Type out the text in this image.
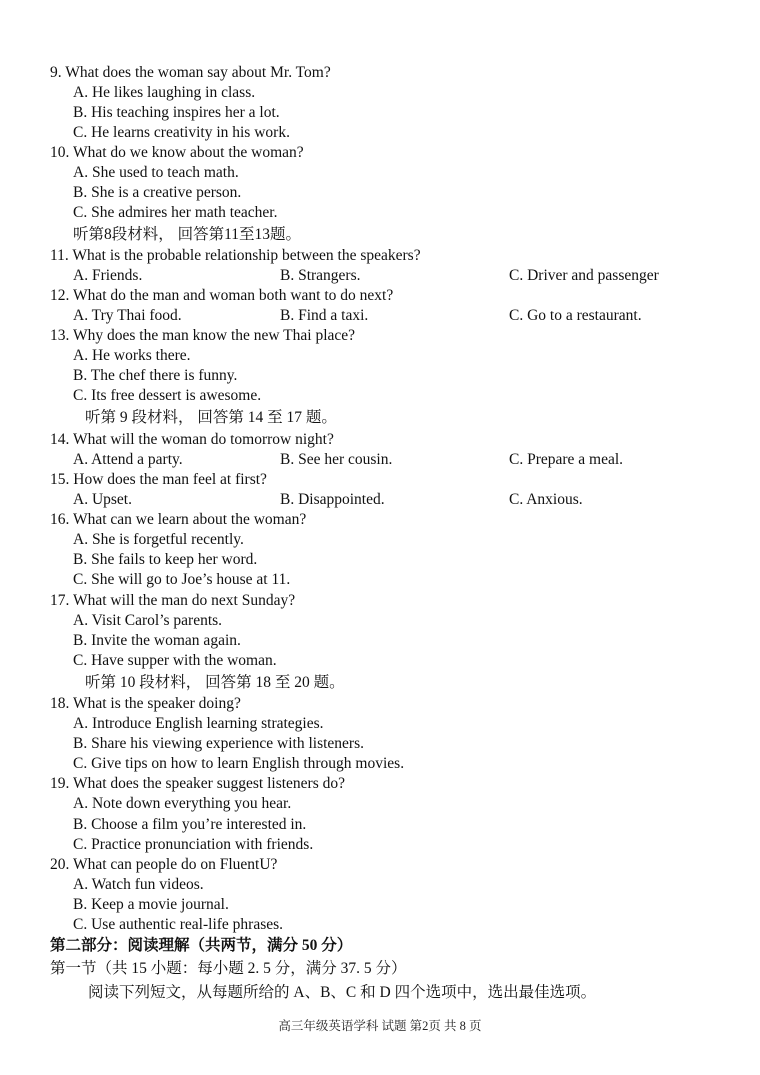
9. What does the woman say about Mr. Tom?
A. He likes laughing in class.
B. His teaching inspires her a lot.
C. He learns creativity in his work.
10. What do we know about the woman?
A. She used to teach math.
B. She is a creative person.
C. She admires her math teacher.
听第8段材料， 回答第11至13题。
11. What is the probable relationship between the speakers?
A. Friends.	B. Strangers.	C. Driver and passenger
12. What do the man and woman both want to do next?
A. Try Thai food.	B. Find a taxi.	C. Go to a restaurant.
13. Why does the man know the new Thai place?
A. He works there.
B. The chef there is funny.
C. Its free dessert is awesome.
听第 9 段材料， 回答第 14 至 17 题。
14. What will the woman do tomorrow night?
A. Attend a party.	B. See her cousin.	C. Prepare a meal.
15. How does the man feel at first?
A. Upset.	B. Disappointed.	C. Anxious.
16. What can we learn about the woman?
A. She is forgetful recently.
B. She fails to keep her word.
C. She will go to Joe’s house at 11.
17. What will the man do next Sunday?
A. Visit Carol’s parents.
B. Invite the woman again.
C. Have supper with the woman.
听第 10 段材料， 回答第 18 至 20 题。
18. What is the speaker doing?
A. Introduce English learning strategies.
B. Share his viewing experience with listeners.
C. Give tips on how to learn English through movies.
19. What does the speaker suggest listeners do?
A. Note down everything you hear.
B. Choose a film you’re interested in.
C. Practice pronunciation with friends.
20. What can people do on FluentU?
A. Watch fun videos.
B. Keep a movie journal.
C. Use authentic real-life phrases.
第二部分：阅读理解（共两节，满分 50 分）
第一节（共 15 小题：每小题 2. 5 分，满分 37. 5 分）
阅读下列短文，从每题所给的 A、B、C 和 D 四个选项中，选出最佳选项。
高三年级英语学科 试题 第2页 共 8 页
